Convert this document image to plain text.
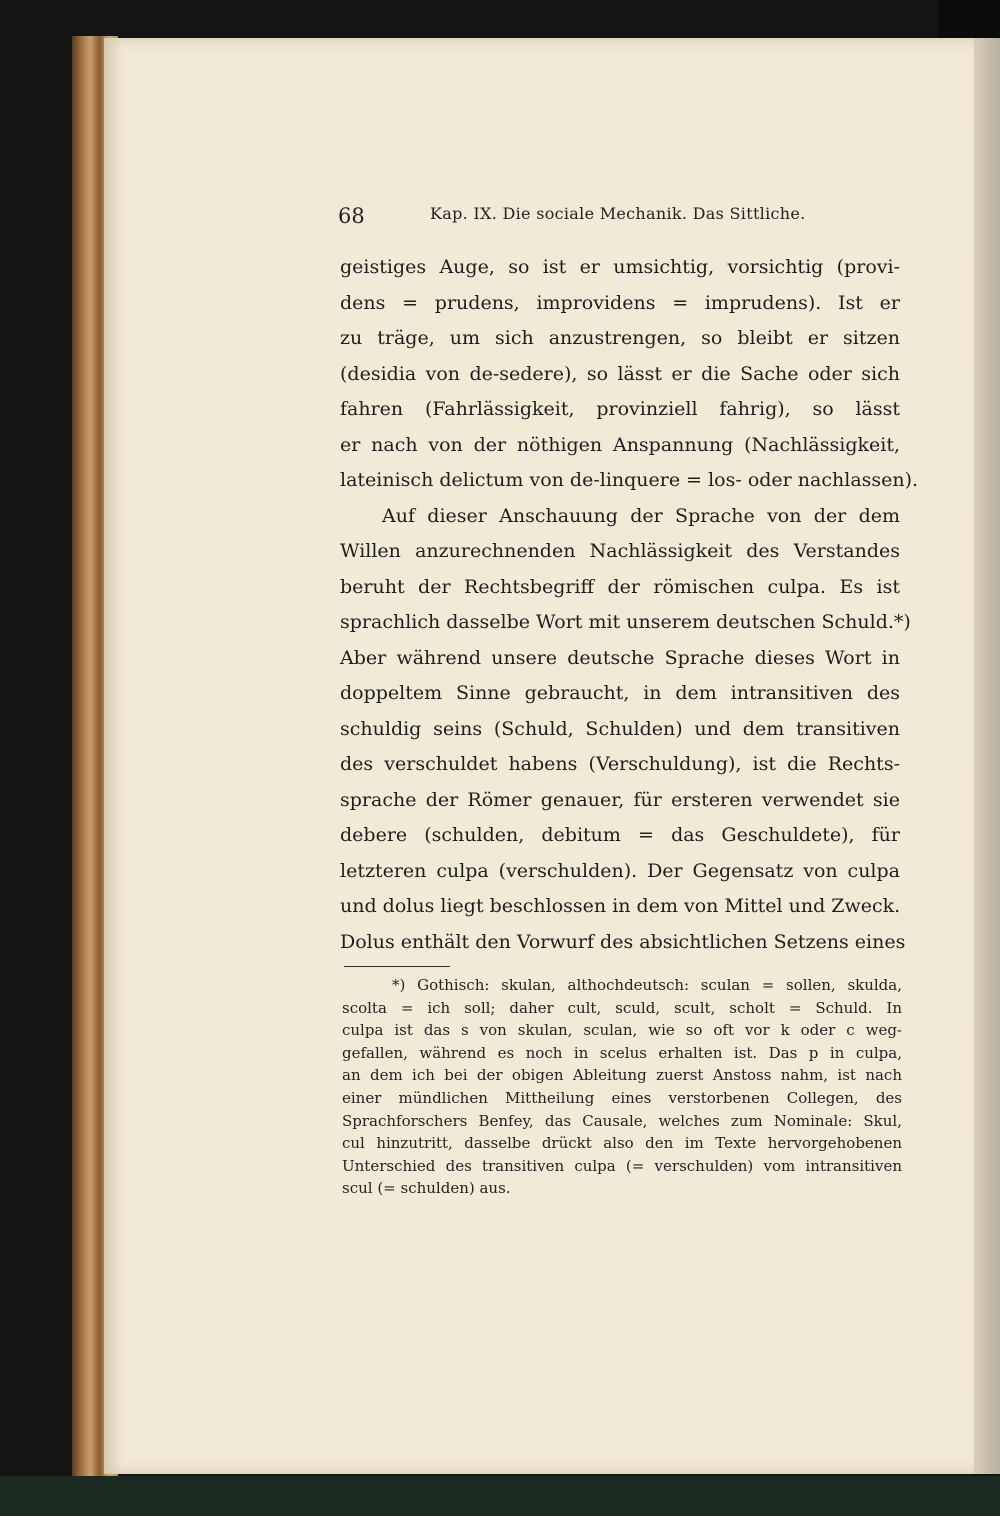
68	Kap. IX. Die sociale Mechanik. Das Sittliche.
geistiges Auge, so ist er umsichtig, vorsichtig (provi-
dens = prudens, improvidens = imprudens). Ist er
zu träge, um sich anzustrengen, so bleibt er sitzen
(desidia von de-sedere), so lässt er die Sache oder sich
fahren (Fahrlässigkeit, provinziell fahrig), so lässt
er nach von der nöthigen Anspannung (Nachlässigkeit,
lateinisch delictum von de-linquere = los- oder nachlassen).
Auf dieser Anschauung der Sprache von der dem
Willen anzurechnenden Nachlässigkeit des Verstandes
beruht der Rechtsbegriff der römischen culpa. Es ist
sprachlich dasselbe Wort mit unserem deutschen Schuld.*)
Aber während unsere deutsche Sprache dieses Wort in
doppeltem Sinne gebraucht, in dem intransitiven des
schuldig seins (Schuld, Schulden) und dem transitiven
des verschuldet habens (Verschuldung), ist die Rechts-
sprache der Römer genauer, für ersteren verwendet sie
debere (schulden, debitum = das Geschuldete), für
letzteren culpa (verschulden). Der Gegensatz von culpa
und dolus liegt beschlossen in dem von Mittel und Zweck.
Dolus enthält den Vorwurf des absichtlichen Setzens eines
*) Gothisch: skulan, althochdeutsch: sculan = sollen, skulda,
scolta = ich soll; daher cult, sculd, scult, scholt = Schuld. In
culpa ist das s von skulan, sculan, wie so oft vor k oder c weg-
gefallen, während es noch in scelus erhalten ist. Das p in culpa,
an dem ich bei der obigen Ableitung zuerst Anstoss nahm, ist nach
einer mündlichen Mittheilung eines verstorbenen Collegen, des
Sprachforschers Benfey, das Causale, welches zum Nominale: Skul,
cul hinzutritt, dasselbe drückt also den im Texte hervorgehobenen
Unterschied des transitiven culpa (= verschulden) vom intransitiven
scul (= schulden) aus.
